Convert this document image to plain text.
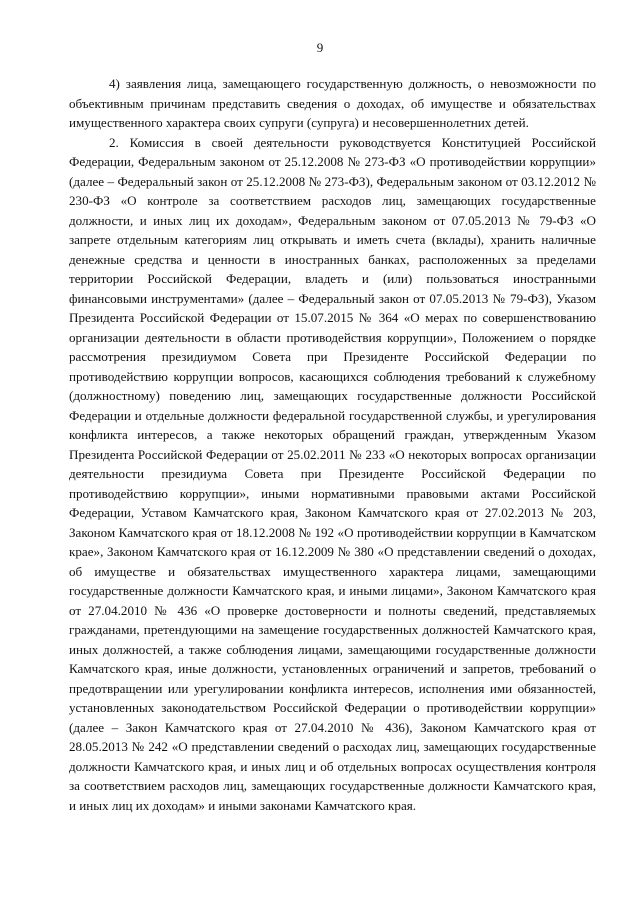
9

4) заявления лица, замещающего государственную должность, о невозможности по объективным причинам представить сведения о доходах, об имуществе и обязательствах имущественного характера своих супруги (супруга) и несовершеннолетних детей.

2. Комиссия в своей деятельности руководствуется Конституцией Российской Федерации, Федеральным законом от 25.12.2008 № 273-ФЗ «О противодействии коррупции» (далее – Федеральный закон от 25.12.2008 № 273-ФЗ), Федеральным законом от 03.12.2012 № 230-ФЗ «О контроле за соответствием расходов лиц, замещающих государственные должности, и иных лиц их доходам», Федеральным законом от 07.05.2013 № 79-ФЗ «О запрете отдельным категориям лиц открывать и иметь счета (вклады), хранить наличные денежные средства и ценности в иностранных банках, расположенных за пределами территории Российской Федерации, владеть и (или) пользоваться иностранными финансовыми инструментами» (далее – Федеральный закон от 07.05.2013 № 79-ФЗ), Указом Президента Российской Федерации от 15.07.2015 № 364 «О мерах по совершенствованию организации деятельности в области противодействия коррупции», Положением о порядке рассмотрения президиумом Совета при Президенте Российской Федерации по противодействию коррупции вопросов, касающихся соблюдения требований к служебному (должностному) поведению лиц, замещающих государственные должности Российской Федерации и отдельные должности федеральной государственной службы, и урегулирования конфликта интересов, а также некоторых обращений граждан, утвержденным Указом Президента Российской Федерации от 25.02.2011 № 233 «О некоторых вопросах организации деятельности президиума Совета при Президенте Российской Федерации по противодействию коррупции», иными нормативными правовыми актами Российской Федерации, Уставом Камчатского края, Законом Камчатского края от 27.02.2013 № 203, Законом Камчатского края от 18.12.2008 № 192 «О противодействии коррупции в Камчатском крае», Законом Камчатского края от 16.12.2009 № 380 «О представлении сведений о доходах, об имуществе и обязательствах имущественного характера лицами, замещающими государственные должности Камчатского края, и иными лицами», Законом Камчатского края от 27.04.2010 № 436 «О проверке достоверности и полноты сведений, представляемых гражданами, претендующими на замещение государственных должностей Камчатского края, иных должностей, а также соблюдения лицами, замещающими государственные должности Камчатского края, иные должности, установленных ограничений и запретов, требований о предотвращении или урегулировании конфликта интересов, исполнения ими обязанностей, установленных законодательством Российской Федерации о противодействии коррупции» (далее – Закон Камчатского края от 27.04.2010 № 436), Законом Камчатского края от 28.05.2013 № 242 «О представлении сведений о расходах лиц, замещающих государственные должности Камчатского края, и иных лиц и об отдельных вопросах осуществления контроля за соответствием расходов лиц, замещающих государственные должности Камчатского края, и иных лиц их доходам» и иными законами Камчатского края.
